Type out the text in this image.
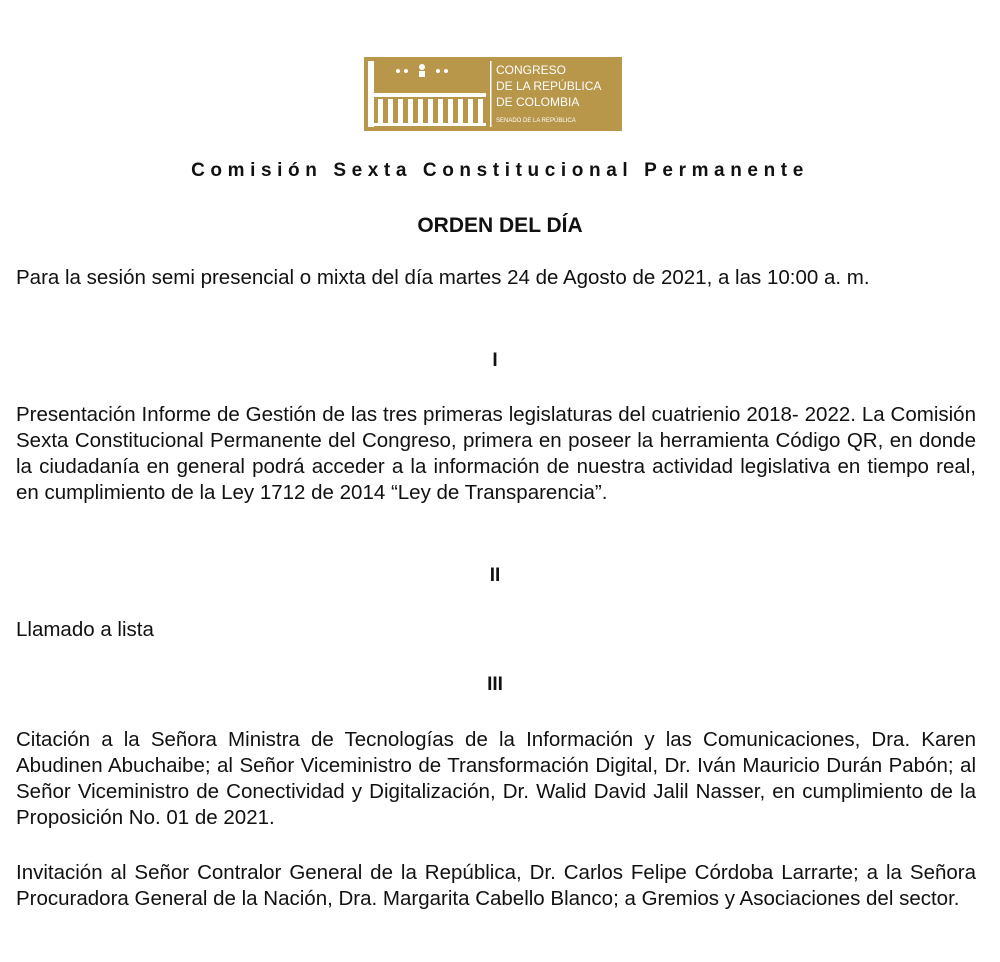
CONGRESO
DE LA REPÚBLICA
DE COLOMBIA
SENADO DE LA REPÚBLICA
Comisión Sexta Constitucional Permanente
ORDEN DEL DÍA

Para la sesión semi presencial o mixta del día martes 24 de Agosto de 2021, a las 10:00 a. m.

I

Presentación Informe de Gestión de las tres primeras legislaturas del cuatrienio 2018- 2022. La Comisión Sexta Constitucional Permanente del Congreso, primera en poseer la herramienta Código QR, en donde la ciudadanía en general podrá acceder a la información de nuestra actividad legislativa en tiempo real, en cumplimiento de la Ley 1712 de 2014 “Ley de Transparencia”.

II

Llamado a lista

III

Citación a la Señora Ministra de Tecnologías de la Información y las Comunicaciones, Dra. Karen Abudinen Abuchaibe; al Señor Viceministro de Transformación Digital, Dr. Iván Mauricio Durán Pabón; al Señor Viceministro de Conectividad y Digitalización, Dr. Walid David Jalil Nasser, en cumplimiento de la Proposición No. 01 de 2021.

Invitación al Señor Contralor General de la República, Dr. Carlos Felipe Córdoba Larrarte; a la Señora Procuradora General de la Nación, Dra. Margarita Cabello Blanco; a Gremios y Asociaciones del sector.
